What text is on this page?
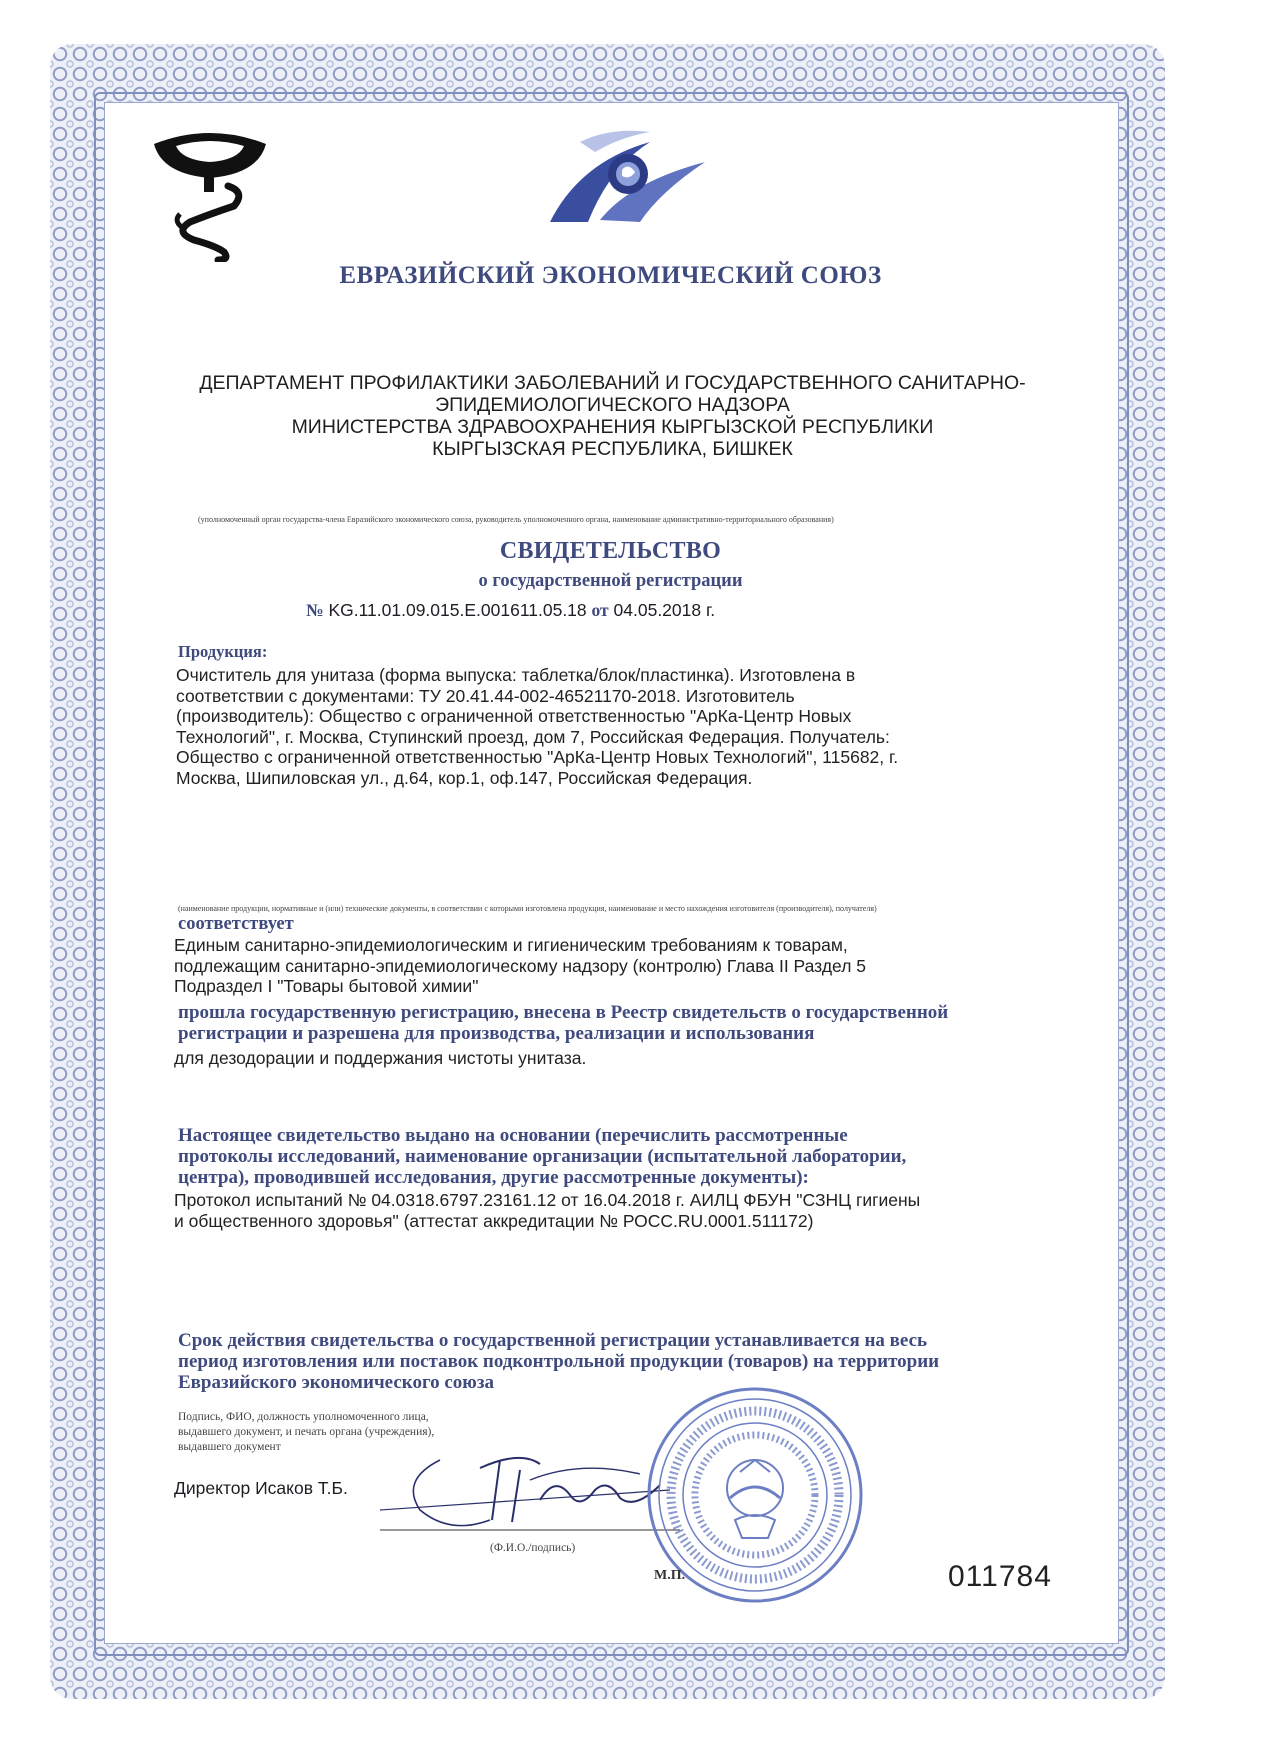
ЕВРАЗИЙСКИЙ ЭКОНОМИЧЕСКИЙ СОЮЗ
ДЕПАРТАМЕНТ ПРОФИЛАКТИКИ ЗАБОЛЕВАНИЙ И ГОСУДАРСТВЕННОГО САНИТАРНО-
ЭПИДЕМИОЛОГИЧЕСКОГО НАДЗОРА
МИНИСТЕРСТВА ЗДРАВООХРАНЕНИЯ КЫРГЫЗСКОЙ РЕСПУБЛИКИ
КЫРГЫЗСКАЯ РЕСПУБЛИКА, БИШКЕК
(уполномоченный орган государства-члена Евразийского экономического союза, руководитель уполномоченного органа, наименование административно-территориального образования)
СВИДЕТЕЛЬСТВО
о государственной регистрации
№ KG.11.01.09.015.Е.001611.05.18 от 04.05.2018 г.
Продукция:
Очиститель для унитаза (форма выпуска: таблетка/блок/пластинка). Изготовлена в
соответствии с документами: ТУ 20.41.44-002-46521170-2018. Изготовитель
(производитель): Общество с ограниченной ответственностью "АрКа-Центр Новых
Технологий", г. Москва, Ступинский проезд, дом 7, Российская Федерация. Получатель:
Общество с ограниченной ответственностью "АрКа-Центр Новых Технологий", 115682, г.
Москва, Шипиловская ул., д.64, кор.1, оф.147, Российская Федерация.
(наименование продукции, нормативные и (или) технические документы, в соответствии с которыми изготовлена продукция, наименование и место нахождения изготовителя (производителя), получателя)
соответствует
Единым санитарно-эпидемиологическим и гигиеническим требованиям к товарам,
подлежащим санитарно-эпидемиологическому надзору (контролю) Глава II Раздел 5
Подраздел I "Товары бытовой химии"
прошла государственную регистрацию, внесена в Реестр свидетельств о государственной
регистрации и разрешена для производства, реализации и использования
для дезодорации и поддержания чистоты унитаза.
Настоящее свидетельство выдано на основании (перечислить рассмотренные
протоколы исследований, наименование организации (испытательной лаборатории,
центра), проводившей исследования, другие рассмотренные документы):
Протокол испытаний № 04.0318.6797.23161.12 от 16.04.2018 г. АИЛЦ ФБУН "СЗНЦ гигиены
и общественного здоровья" (аттестат аккредитации № РОСС.RU.0001.511172)
Срок действия свидетельства о государственной регистрации устанавливается на весь
период изготовления или поставок подконтрольной продукции (товаров) на территории
Евразийского экономического союза
Подпись, ФИО, должность уполномоченного лица,
выдавшего документ, и печать органа (учреждения),
выдавшего документ
Директор Исаков Т.Б.
(Ф.И.О./подпись)
М.П.	011784
